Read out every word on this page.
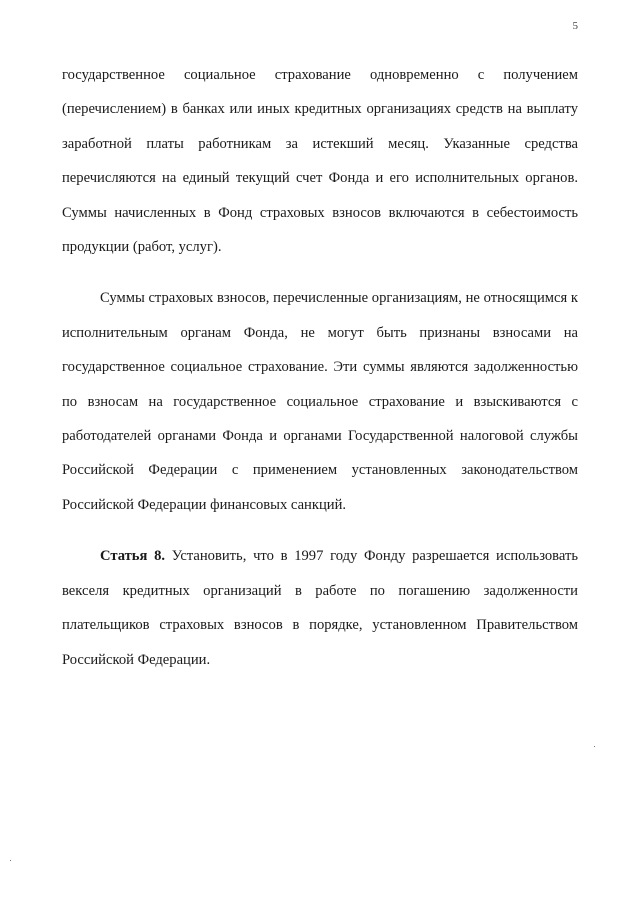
5

государственное социальное страхование одновременно с получением (перечислением) в банках или иных кредитных организациях средств на выплату заработной платы работникам за истекший месяц. Указанные средства перечисляются на единый текущий счет Фонда и его исполнительных органов. Суммы начисленных в Фонд страховых взносов включаются в себестоимость продукции (работ, услуг).

Суммы страховых взносов, перечисленные организациям, не относящимся к исполнительным органам Фонда, не могут быть признаны взносами на государственное социальное страхование. Эти суммы являются задолженностью по взносам на государственное социальное страхование и взыскиваются с работодателей органами Фонда и органами Государственной налоговой службы Российской Федерации с применением установленных законодательством Российской Федерации финансовых санкций.

Статья 8. Установить, что в 1997 году Фонду разрешается использовать векселя кредитных организаций в работе по погашению задолженности плательщиков страховых взносов в порядке, установленном Правительством Российской Федерации.
